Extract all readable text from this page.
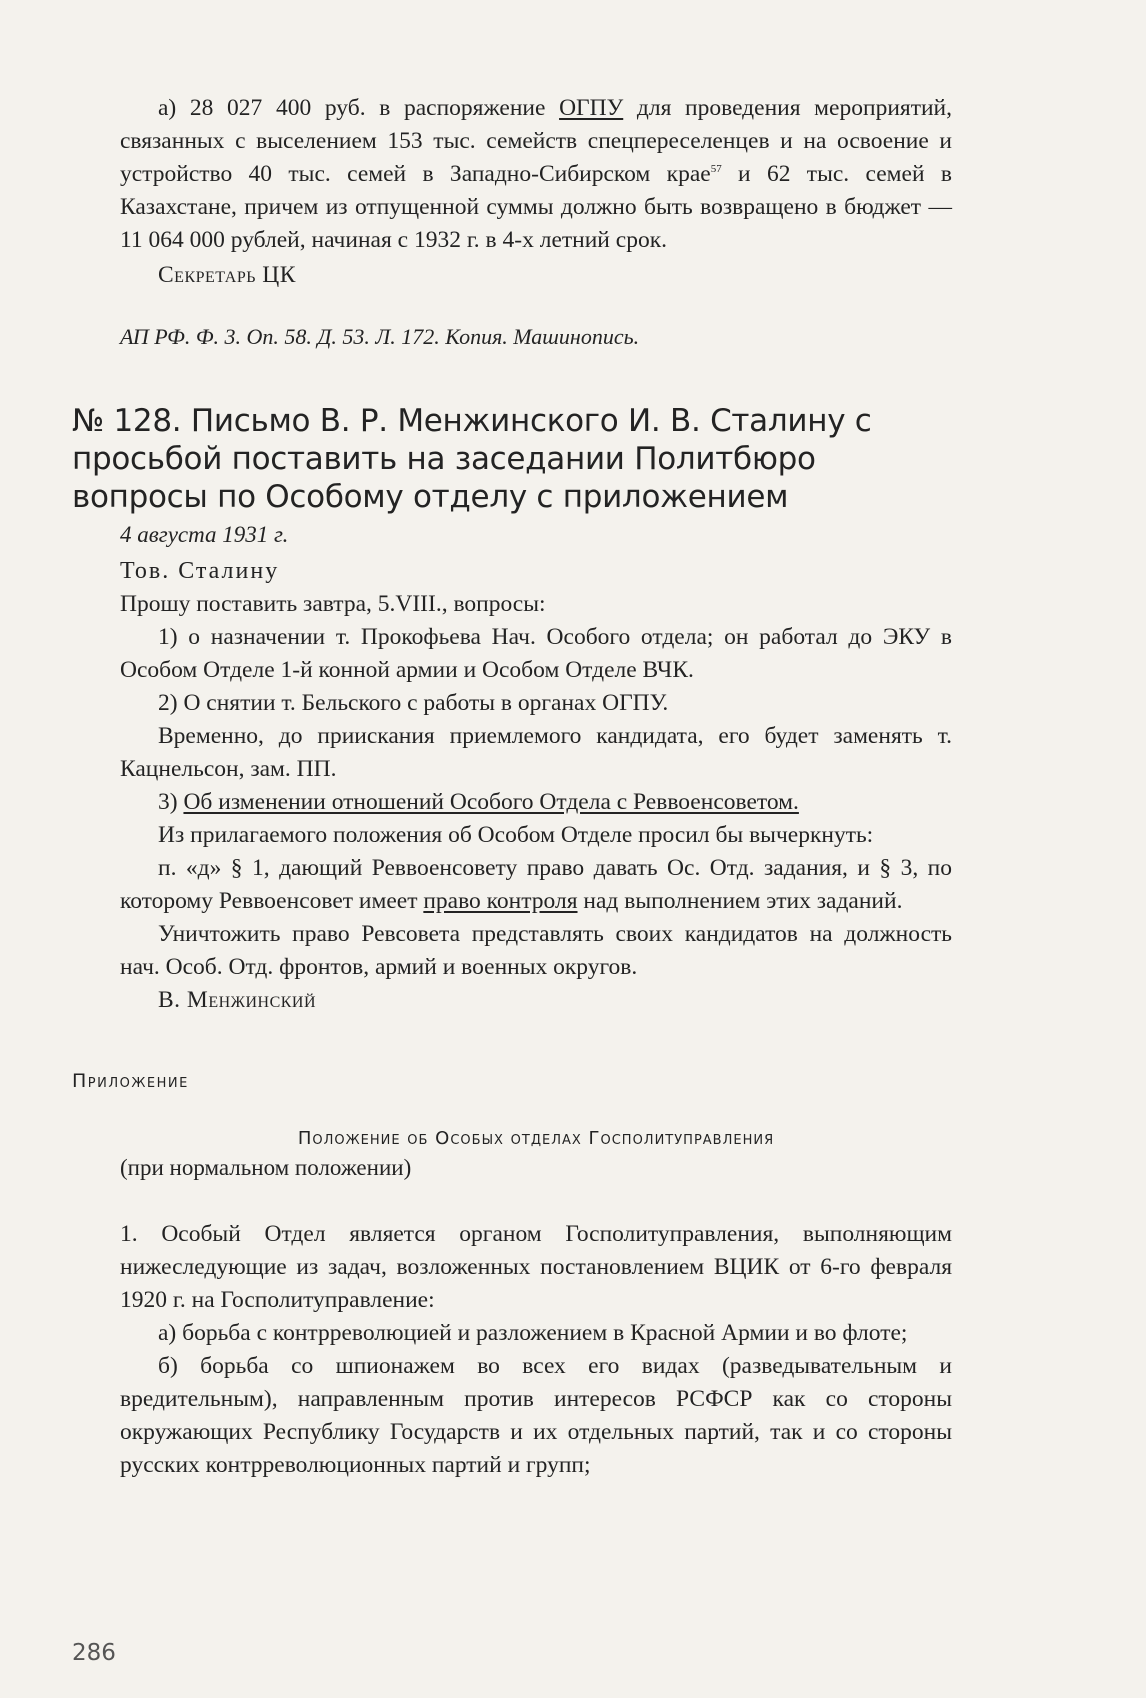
а) 28 027 400 руб. в распоряжение ОГПУ для проведения мероприятий, связанных с выселением 153 тыс. семейств спецпереселенцев и на освоение и устройство 40 тыс. семей в Западно-Сибирском крае$^{57}$ и 62 тыс. семей в Казахстане, причем из отпущенной суммы должно быть возвращено в бюджет — 11 064 000 рублей, начиная с 1932 г. в 4-х летний срок.

Секретарь ЦК

АП РФ. Ф. 3. Оп. 58. Д. 53. Л. 172. Копия. Машинопись.

№ 128. Письмо В. Р. Менжинского И. В. Сталину с просьбой поставить на заседании Политбюро вопросы по Особому отделу с приложением

4 августа 1931 г.

Тов. Сталину

Прошу поставить завтра, 5.VIII., вопросы:

1) о назначении т. Прокофьева Нач. Особого отдела; он работал до ЭКУ в Особом Отделе 1-й конной армии и Особом Отделе ВЧК.

2) О снятии т. Бельского с работы в органах ОГПУ.

Временно, до приискания приемлемого кандидата, его будет заменять т. Кацнельсон, зам. ПП.

3) Об изменении отношений Особого Отдела с Реввоенсоветом.

Из прилагаемого положения об Особом Отделе просил бы вычеркнуть:

п. «д» § 1, дающий Реввоенсовету право давать Ос. Отд. задания, и § 3, по которому Реввоенсовет имеет право контроля над выполнением этих заданий.

Уничтожить право Ревсовета представлять своих кандидатов на должность нач. Особ. Отд. фронтов, армий и военных округов.

В. Менжинский

Приложение

Положение об Особых отделах Госполитуправления

(при нормальном положении)

1. Особый Отдел является органом Госполитуправления, выполняющим нижеследующие из задач, возложенных постановлением ВЦИК от 6-го февраля 1920 г. на Госполитуправление:

а) борьба с контрреволюцией и разложением в Красной Армии и во флоте;

б) борьба со шпионажем во всех его видах (разведывательным и вредительным), направленным против интересов РСФСР как со стороны окружающих Республику Государств и их отдельных партий, так и со стороны русских контрреволюционных партий и групп;

286
